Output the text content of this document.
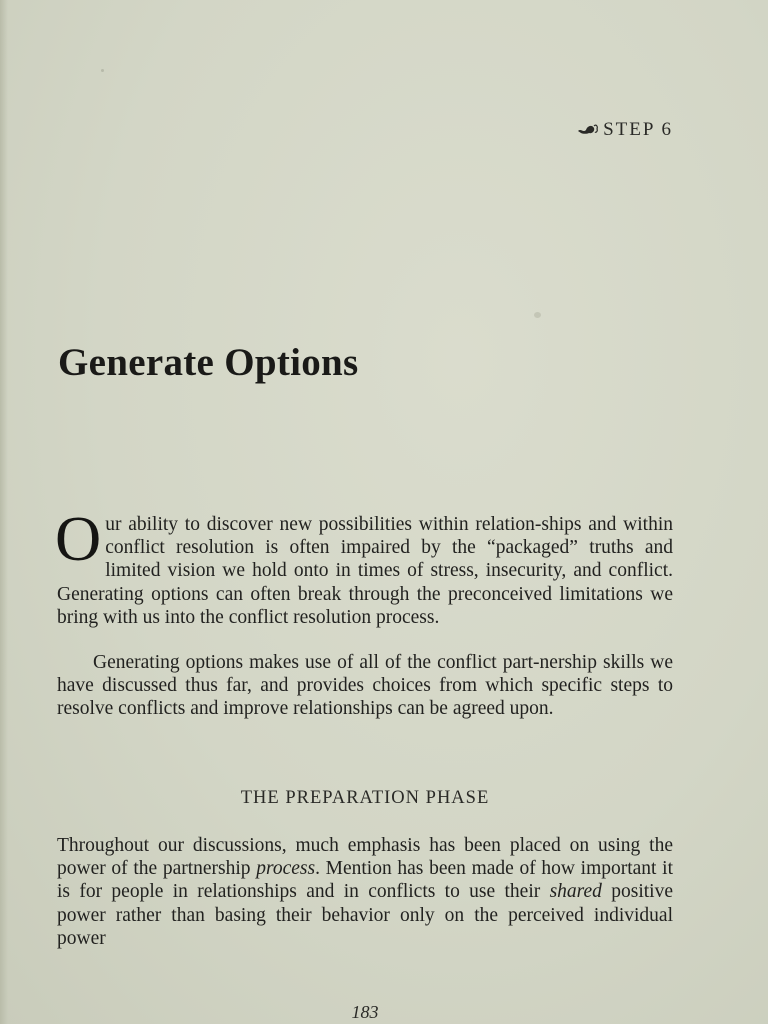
STEP 6
Generate Options

Our ability to discover new possibilities within relation-ships and within conflict resolution is often impaired by the “packaged” truths and limited vision we hold onto in times of stress, insecurity, and conflict. Generating options can often break through the preconceived limitations we bring with us into the conflict resolution process.

Generating options makes use of all of the conflict part-nership skills we have discussed thus far, and provides choices from which specific steps to resolve conflicts and improve relationships can be agreed upon.

THE PREPARATION PHASE

Throughout our discussions, much emphasis has been placed on using the power of the partnership process. Mention has been made of how important it is for people in relationships and in conflicts to use their shared positive power rather than basing their behavior only on the perceived individual power

183
